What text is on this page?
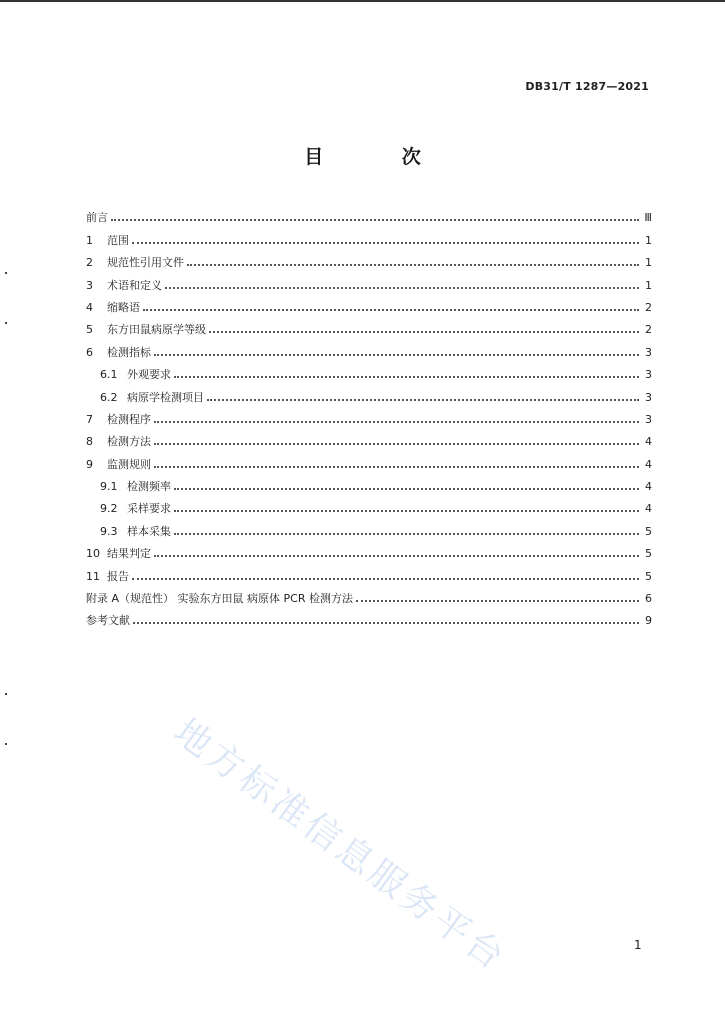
DB31/T 1287—2021
目 次
前言	Ⅲ
1	范围	1
2	规范性引用文件	1
3	术语和定义	1
4	缩略语	2
5	东方田鼠病原学等级	2
6	检测指标	3
6.1 外观要求	3
6.2 病原学检测项目	3
7	检测程序	3
8	检测方法	4
9	监测规则	4
9.1 检测频率	4
9.2 采样要求	4
9.3 样本采集	5
10 结果判定	5
11 报告	5
附录 A（规范性） 实验东方田鼠 病原体 PCR 检测方法	6
参考文献	9
地方标准信息服务平台	1
